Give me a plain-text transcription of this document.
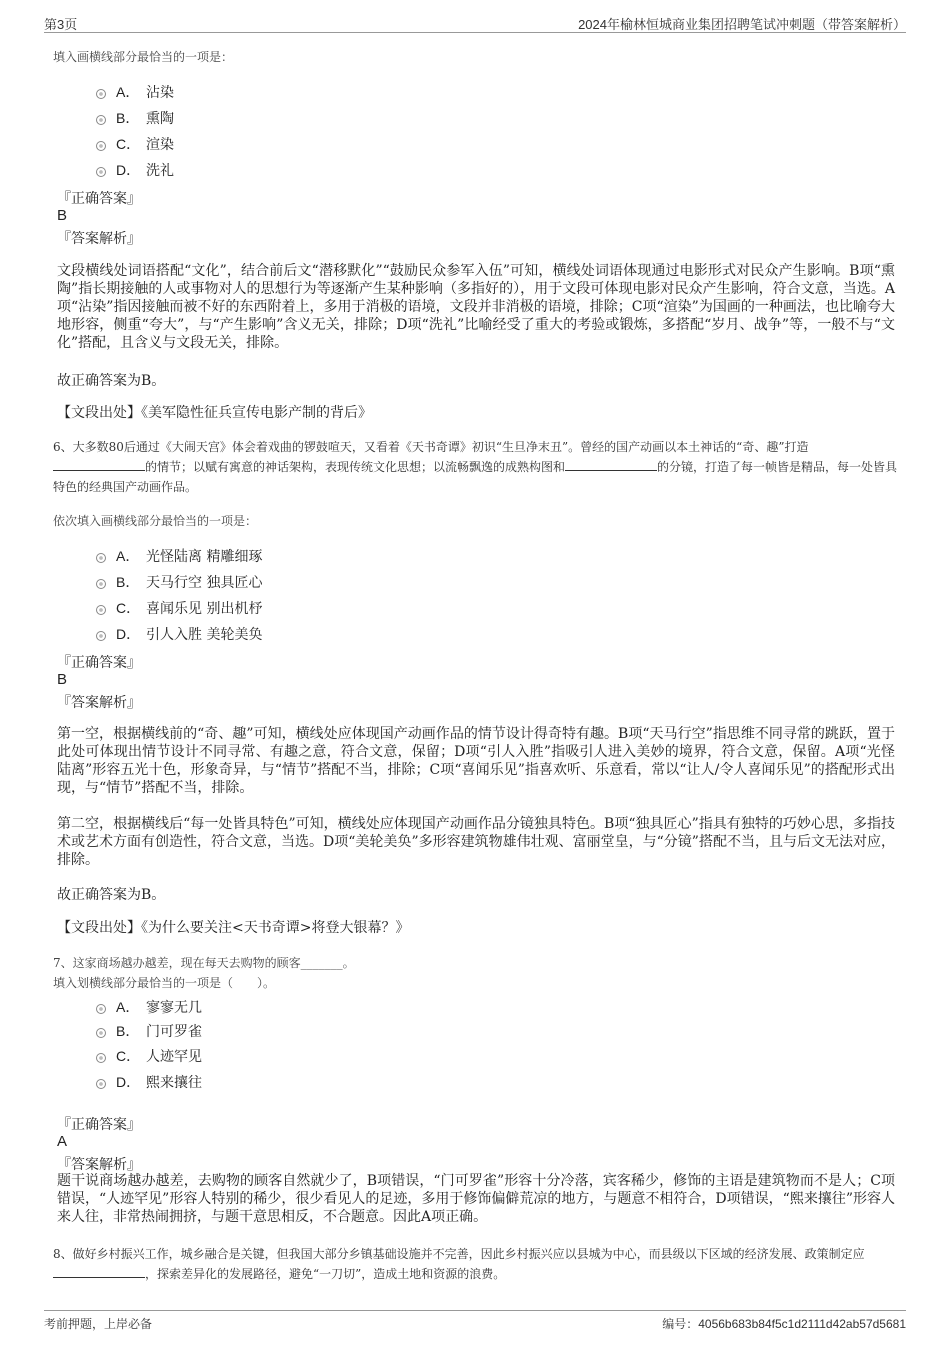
第3页	2024年榆林恒城商业集团招聘笔试冲刺题（带答案解析）
填入画横线部分最恰当的一项是：
A． 沾染
B． 熏陶
C． 渲染
D． 洗礼
『正确答案』
B
『答案解析』
文段横线处词语搭配“文化”，结合前后文“潜移默化”“鼓励民众参军入伍”可知，横线处词语体现通过电影形式对民众产生影响。B项“熏陶”指长期接触的人或事物对人的思想行为等逐渐产生某种影响（多指好的），用于文段可体现电影对民众产生影响，符合文意，当选。A项“沾染”指因接触而被不好的东西附着上，多用于消极的语境，文段并非消极的语境，排除；C项“渲染”为国画的一种画法，也比喻夸大地形容，侧重“夸大”，与“产生影响”含义无关，排除；D项“洗礼”比喻经受了重大的考验或锻炼，多搭配“岁月、战争”等，一般不与“文化”搭配，且含义与文段无关，排除。
故正确答案为B。
【文段出处】《美军隐性征兵宣传电影产制的背后》
6、大多数80后通过《大闹天宫》体会着戏曲的锣鼓喧天，又看着《天书奇谭》初识“生旦净末丑”。曾经的国产动画以本土神话的“奇、趣”打造的情节；以赋有寓意的神话架构，表现传统文化思想；以流畅飘逸的成熟构图和	的分镜，打造了每一帧皆是精品，每一处皆具特色的经典国产动画作品。
依次填入画横线部分最恰当的一项是：
A． 光怪陆离 精雕细琢
B． 天马行空 独具匠心
C． 喜闻乐见 别出机杼
D． 引人入胜 美轮美奂
『正确答案』
B
『答案解析』
第一空，根据横线前的“奇、趣”可知，横线处应体现国产动画作品的情节设计得奇特有趣。B项“天马行空”指思维不同寻常的跳跃，置于此处可体现出情节设计不同寻常、有趣之意，符合文意，保留；D项“引人入胜”指吸引人进入美妙的境界，符合文意，保留。A项“光怪陆离”形容五光十色，形象奇异，与“情节”搭配不当，排除；C项“喜闻乐见”指喜欢听、乐意看，常以“让人/令人喜闻乐见”的搭配形式出现，与“情节”搭配不当，排除。
第二空，根据横线后“每一处皆具特色”可知，横线处应体现国产动画作品分镜独具特色。B项“独具匠心”指具有独特的巧妙心思，多指技术或艺术方面有创造性，符合文意，当选。D项“美轮美奂”多形容建筑物雄伟壮观、富丽堂皇，与“分镜”搭配不当，且与后文无法对应，排除。
故正确答案为B。
【文段出处】《为什么要关注<天书奇谭>将登大银幕？》
7、这家商场越办越差，现在每天去购物的顾客_______。
填入划横线部分最恰当的一项是（　　）。
A． 寥寥无几
B． 门可罗雀
C． 人迹罕见
D． 熙来攘往
『正确答案』
A
『答案解析』
题干说商场越办越差，去购物的顾客自然就少了，B项错误，“门可罗雀”形容十分冷落，宾客稀少，修饰的主语是建筑物而不是人；C项错误，“人迹罕见”形容人特别的稀少，很少看见人的足迹，多用于修饰偏僻荒凉的地方，与题意不相符合，D项错误，“熙来攘往”形容人来人往，非常热闹拥挤，与题干意思相反，不合题意。因此A项正确。
8、做好乡村振兴工作，城乡融合是关键，但我国大部分乡镇基础设施并不完善，因此乡村振兴应以县城为中心，而县级以下区域的经济发展、政策制定应，探索差异化的发展路径，避免“一刀切”，造成土地和资源的浪费。
考前押题，上岸必备	编号：4056b683b84f5c1d2111d42ab57d5681
